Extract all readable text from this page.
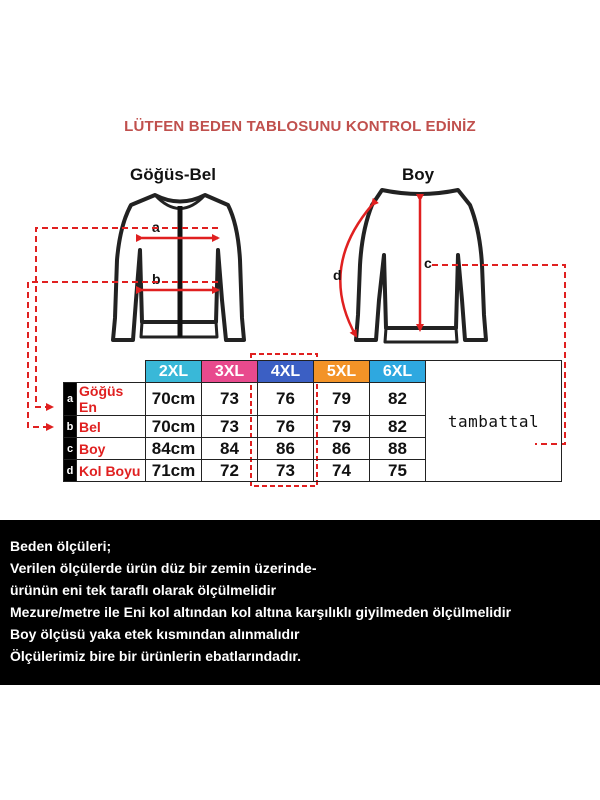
LÜTFEN BEDEN TABLOSUNU KONTROL EDİNİZ
Göğüs-Bel	Boy
a
b
c
d
		2XL	3XL	4XL	5XL	6XL	tambattal
a	Göğüs En	70cm	73	76	79	82	
b	Bel	70cm	73	76	79	82	
c	Boy	84cm	84	86	86	88	
d	Kol Boyu	71cm	72	73	74	75	
Beden ölçüleri;
Verilen ölçülerde ürün düz bir zemin üzerinde-
ürünün eni tek taraflı olarak ölçülmelidir
Mezure/metre ile Eni kol altından kol altına karşılıklı giyilmeden ölçülmelidir
Boy ölçüsü yaka etek kısmından alınmalıdır
Ölçülerimiz bire bir ürünlerin ebatlarındadır.
